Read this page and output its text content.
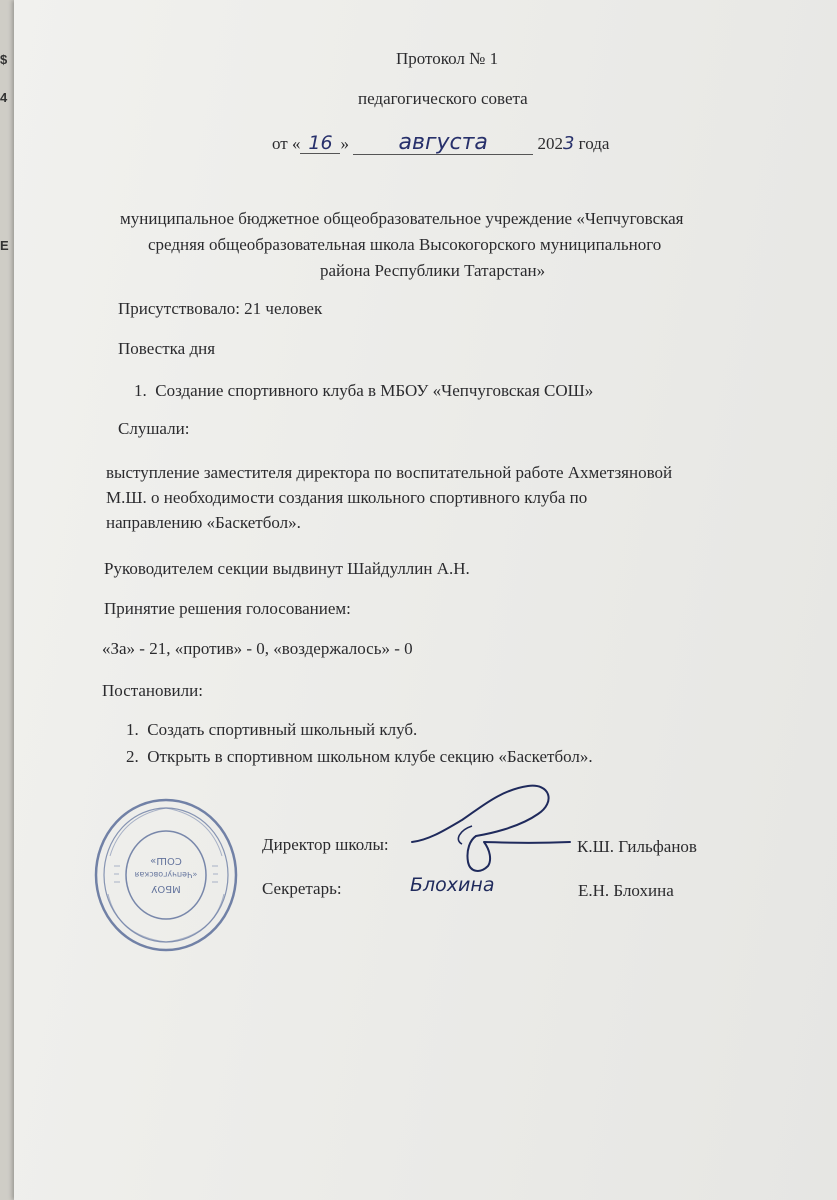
$
4
E
Протокол № 1
педагогического совета
от « 16 » августа	2023 года
муниципальное бюджетное общеобразовательное учреждение «Чепчуговская
средняя общеобразовательная школа Высокогорского муниципального
района Республики Татарстан»
Присутствовало: 21 человек
Повестка дня
1. Создание спортивного клуба в МБОУ «Чепчуговская СОШ»
Слушали:
выступление заместителя директора по воспитательной работе Ахметзяновой
М.Ш. о необходимости создания школьного спортивного клуба по
направлению «Баскетбол».
Руководителем секции выдвинут Шайдуллин А.Н.
Принятие решения голосованием:
«За» - 21, «против» - 0, «воздержалось» - 0
Постановили:
1. Создать спортивный школьный клуб.
2. Открыть в спортивном школьном клубе секцию «Баскетбол».
МБОУ
«Чепчуговская
СОШ»
Директор школы:	К.Ш. Гильфанов
Секретарь:	Е.Н. Блохина
Блохина
